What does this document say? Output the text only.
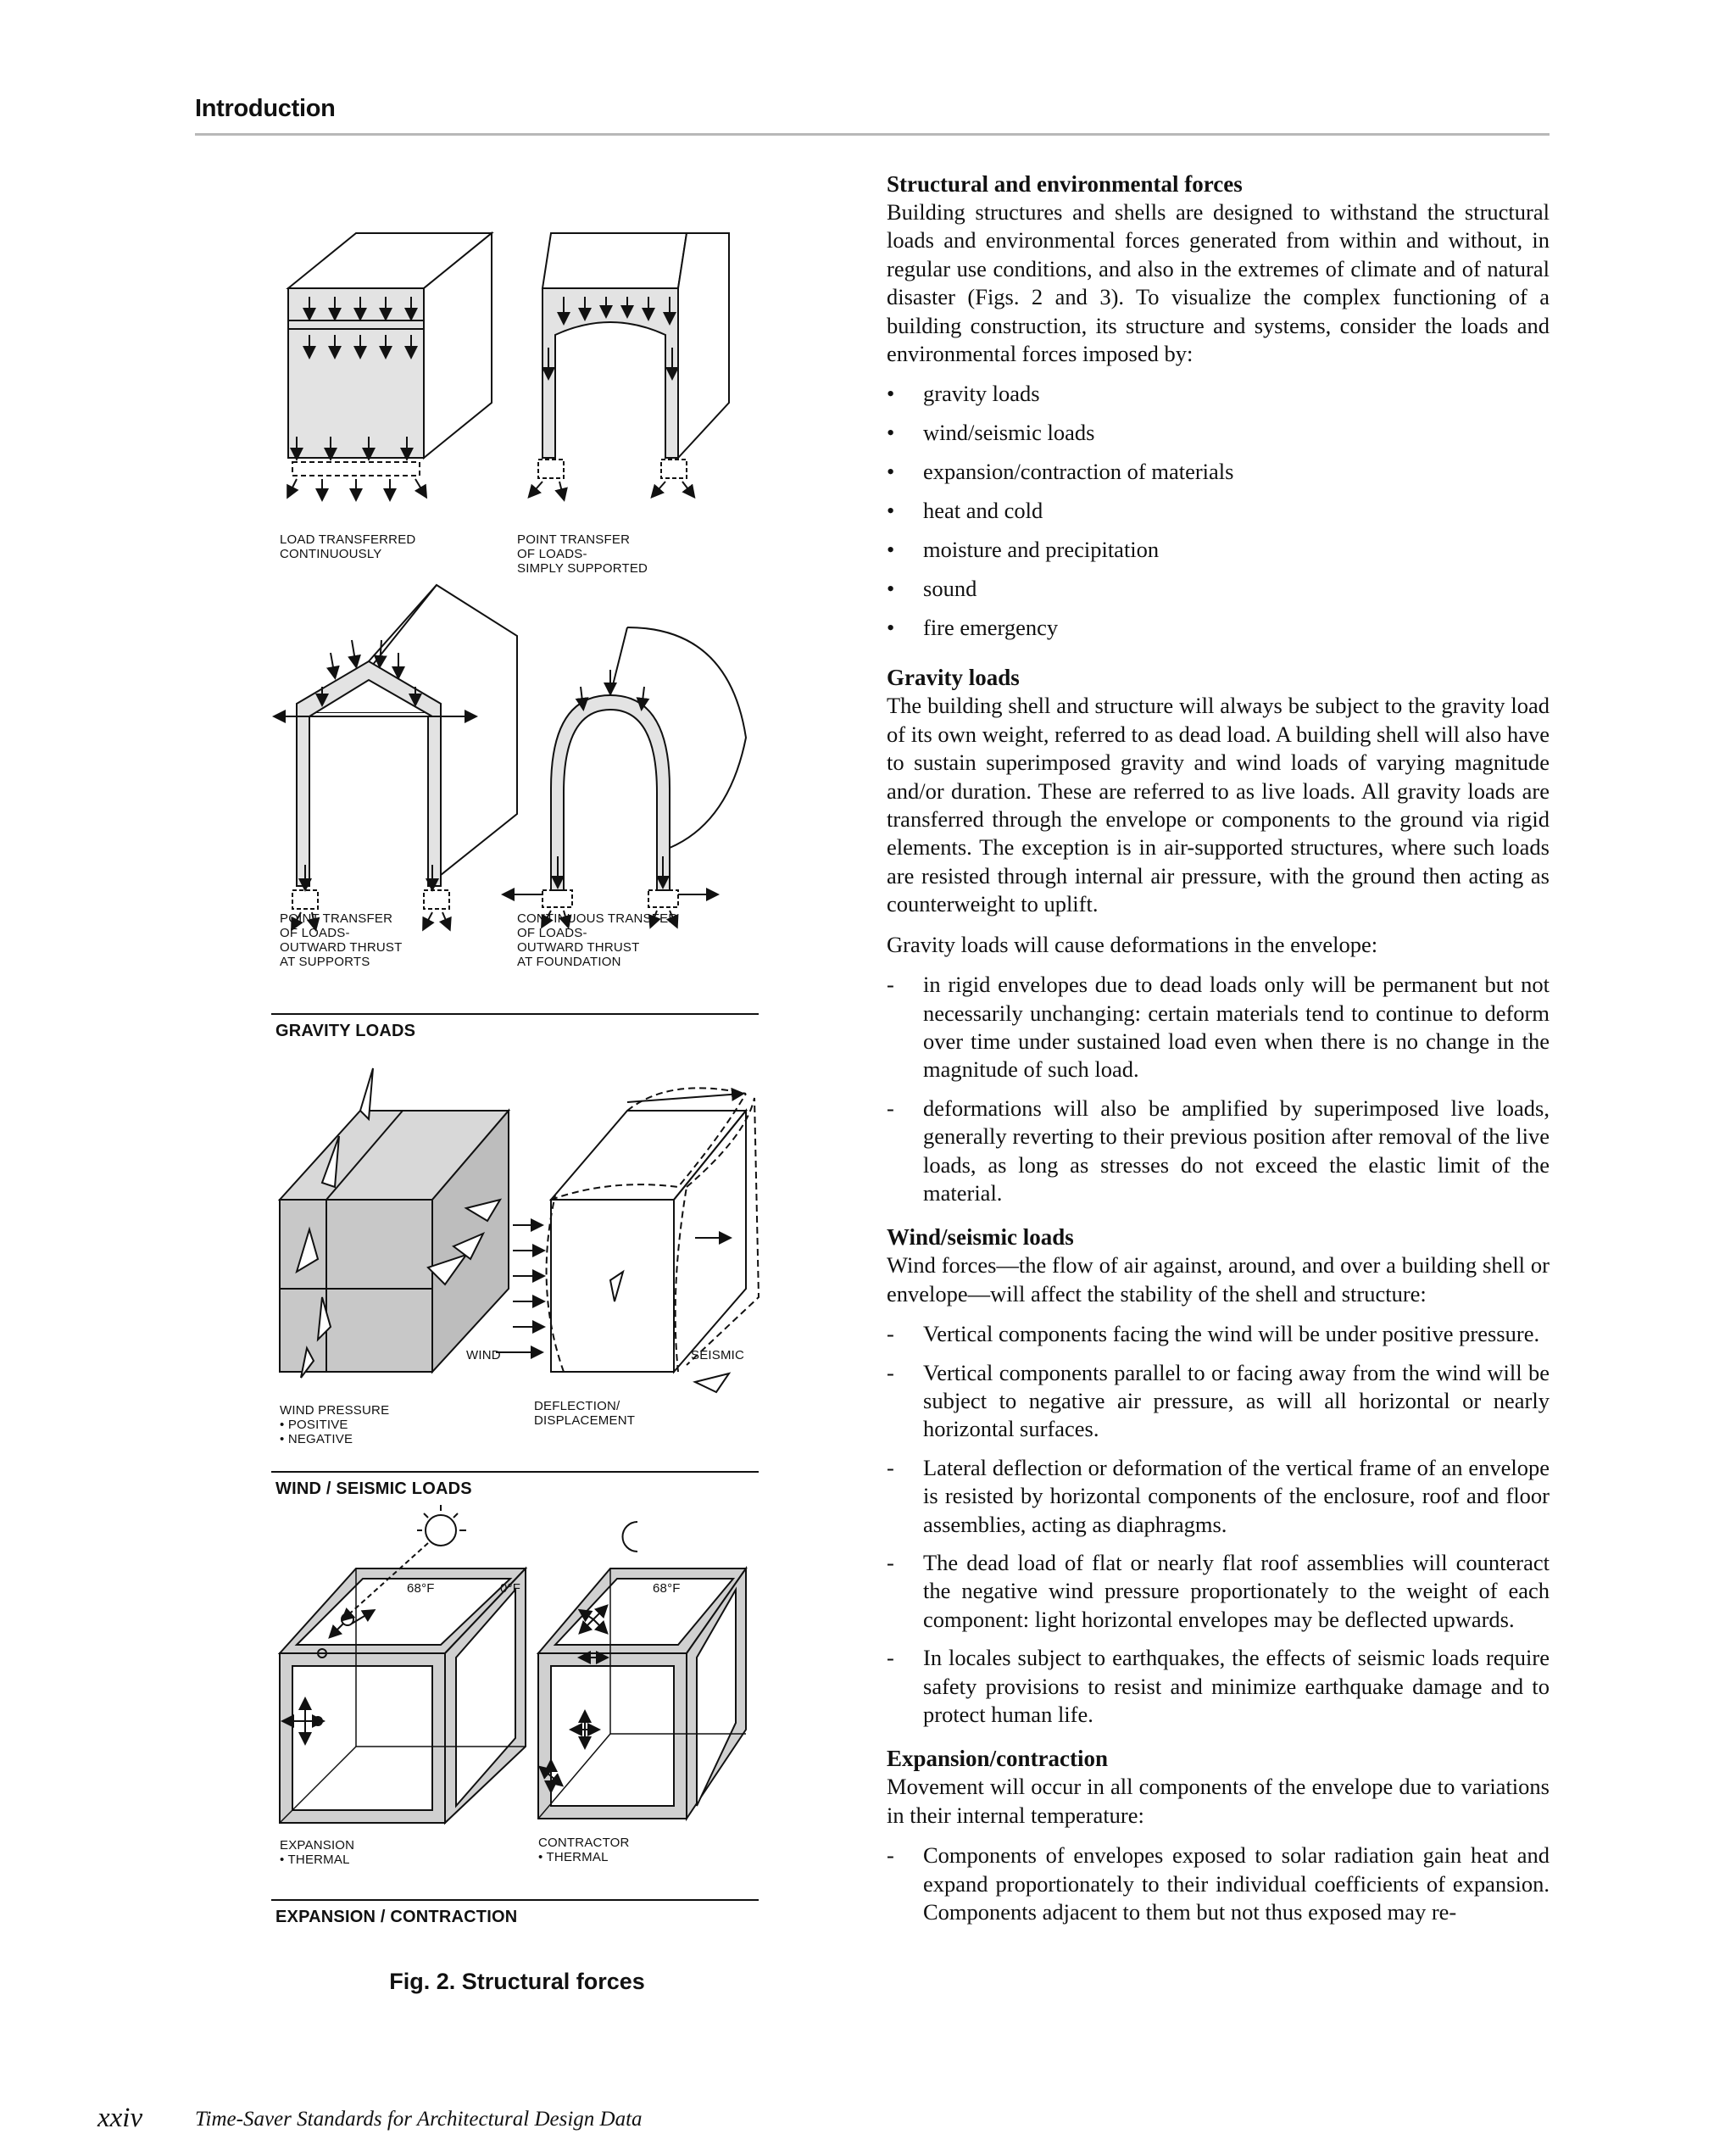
Introduction
LOAD TRANSFERRED
CONTINUOUSLY
POINT TRANSFER
OF LOADS-
SIMPLY SUPPORTED
POINT TRANSFER
OF LOADS-
OUTWARD THRUST
AT SUPPORTS
CONTINUOUS TRANSFER
OF LOADS-
OUTWARD THRUST
AT FOUNDATION
GRAVITY LOADS
WIND	SEISMIC
WIND PRESSURE
• POSITIVE
• NEGATIVE
DEFLECTION/
DISPLACEMENT
WIND / SEISMIC LOADS
68°F	0°F	68°F
EXPANSION
• THERMAL
CONTRACTOR
• THERMAL
EXPANSION / CONTRACTION
Fig. 2. Structural forces
Structural and environmental forces

Building structures and shells are designed to withstand the structural loads and environmental forces generated from within and without, in regular use conditions, and also in the extremes of climate and of natural disaster (Figs. 2 and 3). To visualize the complex functioning of a building construction, its structure and systems, consider the loads and environmental forces imposed by:

• gravity loads
• wind/seismic loads
• expansion/contraction of materials
• heat and cold
• moisture and precipitation
• sound
• fire emergency
Gravity loads

The building shell and structure will always be subject to the gravity load of its own weight, referred to as dead load. A building shell will also have to sustain superimposed gravity and wind loads of varying magnitude and/or duration. These are referred to as live loads. All gravity loads are transferred through the envelope or components to the ground via rigid elements. The exception is in air-supported structures, where such loads are resisted through internal air pressure, with the ground then acting as counterweight to uplift.

Gravity loads will cause deformations in the envelope:

- in rigid envelopes due to dead loads only will be permanent but not necessarily unchanging: certain materials tend to continue to deform over time under sustained load even when there is no change in the magnitude of such load.
- deformations will also be amplified by superimposed live loads, generally reverting to their previous position after removal of the live loads, as long as stresses do not exceed the elastic limit of the material.
Wind/seismic loads

Wind forces—the flow of air against, around, and over a building shell or envelope—will affect the stability of the shell and structure:

- Vertical components facing the wind will be under positive pressure.
- Vertical components parallel to or facing away from the wind will be subject to negative air pressure, as will all horizontal or nearly horizontal surfaces.
- Lateral deflection or deformation of the vertical frame of an envelope is resisted by horizontal components of the enclosure, roof and floor assemblies, acting as diaphragms.
- The dead load of flat or nearly flat roof assemblies will counteract the negative wind pressure proportionately to the weight of each component: light horizontal envelopes may be deflected upwards.
- In locales subject to earthquakes, the effects of seismic loads require safety provisions to resist and minimize earthquake damage and to protect human life.
Expansion/contraction

Movement will occur in all components of the envelope due to variations in their internal temperature:

- Components of envelopes exposed to solar radiation gain heat and expand proportionately to their individual coefficients of expansion. Components adjacent to them but not thus exposed may re-
xxiv Time-Saver Standards for Architectural Design Data
